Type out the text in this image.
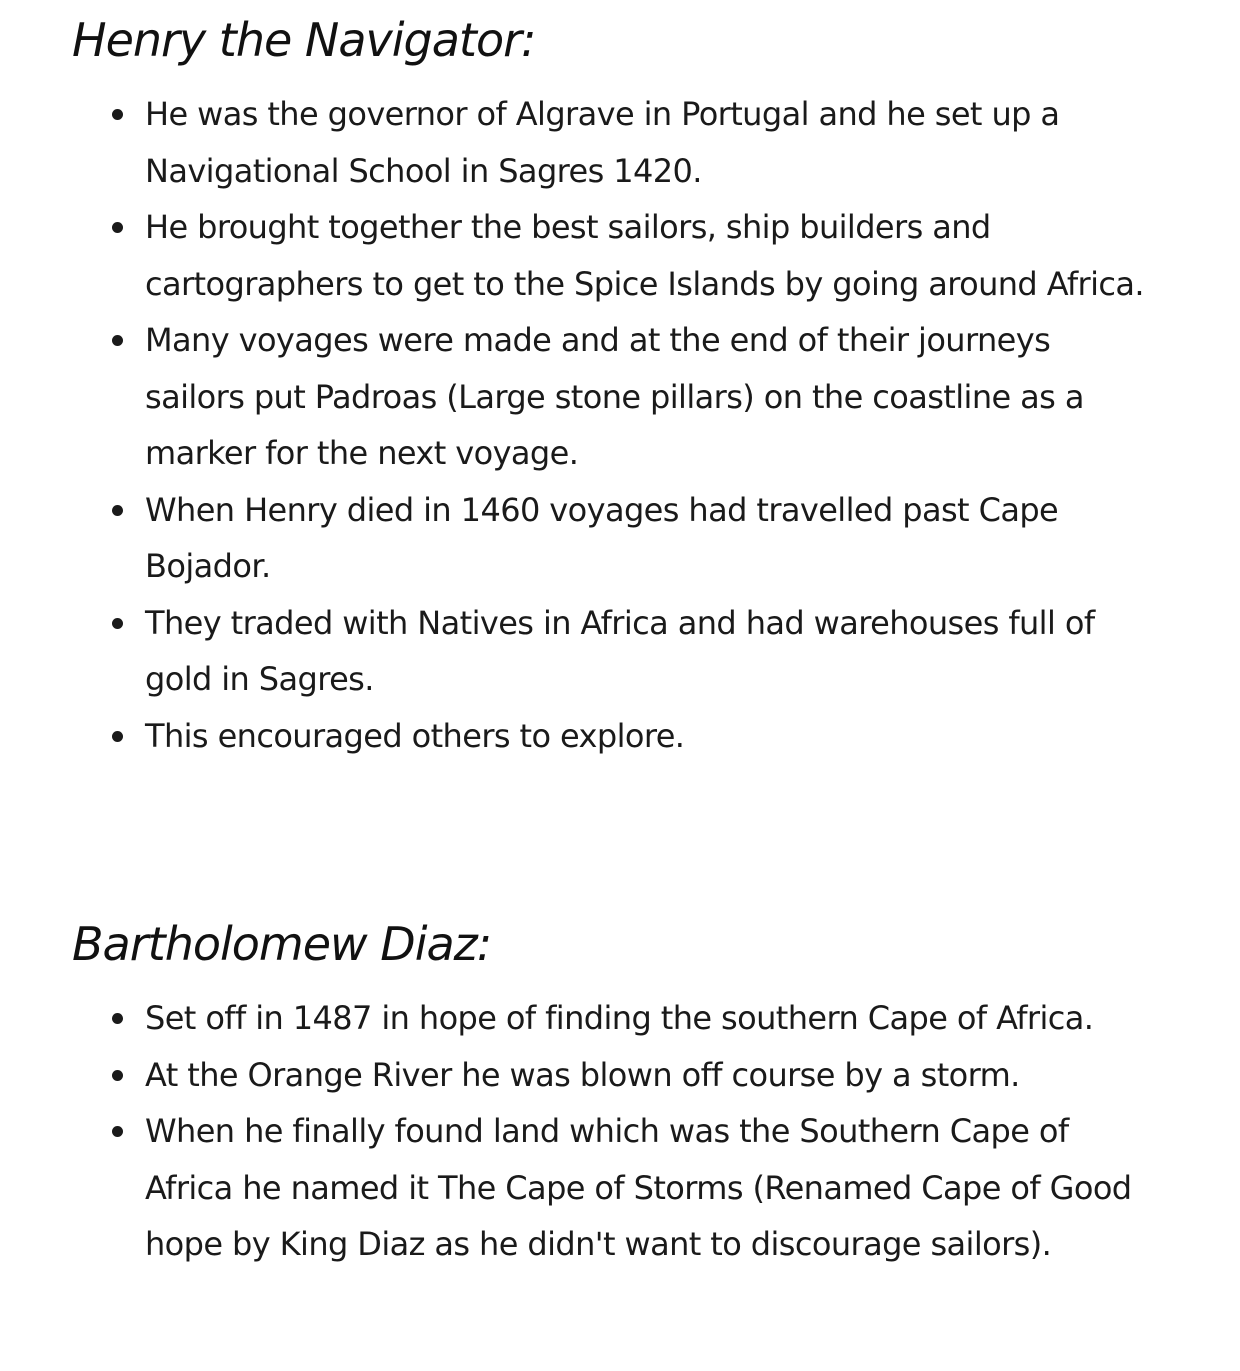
Henry the Navigator:
He was the governor of Algrave in Portugal and he set up a Navigational School in Sagres 1420.
He brought together the best sailors, ship builders and cartographers to get to the Spice Islands by going around Africa.
Many voyages were made and at the end of their journeys sailors put Padroas (Large stone pillars) on the coastline as a marker for the next voyage.
When Henry died in 1460 voyages had travelled past Cape Bojador.
They traded with Natives in Africa and had warehouses full of gold in Sagres.
This encouraged others to explore.
Bartholomew Diaz:
Set off in 1487 in hope of finding the southern Cape of Africa.
At the Orange River he was blown off course by a storm.
When he finally found land which was the Southern Cape of Africa he named it The Cape of Storms (Renamed Cape of Good hope by King Diaz as he didn't want to discourage sailors).
